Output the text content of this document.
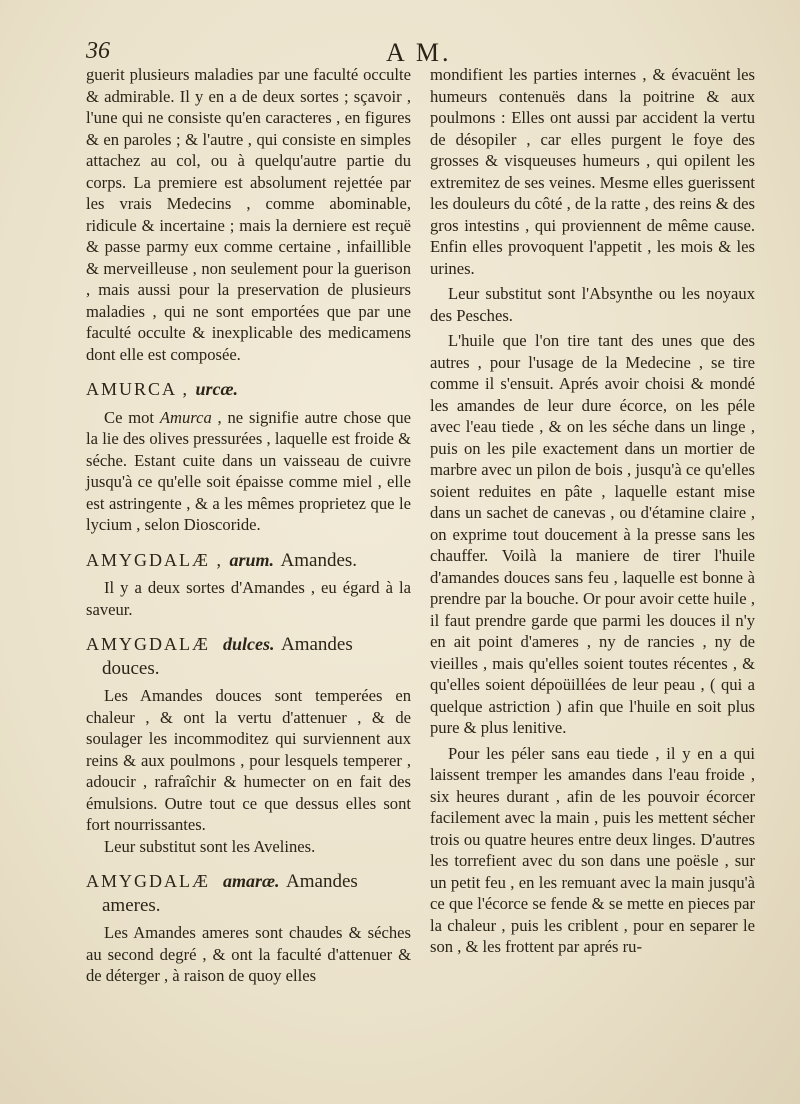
36	A M.

guerit plusieurs maladies par une faculté occulte & admirable. Il y en a de deux sortes ; sçavoir , l'une qui ne consiste qu'en caracteres , en figures & en paroles ; & l'autre , qui consiste en simples attachez au col, ou à quelqu'autre partie du corps. La premiere est absolument rejettée par les vrais Medecins , comme abominable, ridicule & incertaine ; mais la derniere est reçuë & passe parmy eux comme certaine , infaillible & merveilleuse , non seulement pour la guerison , mais aussi pour la preservation de plusieurs maladies , qui ne sont emportées que par une faculté occulte & inexplicable des medicamens dont elle est composée.

AMURCA , urcæ.

Ce mot Amurca , ne signifie autre chose que la lie des olives pressurées , laquelle est froide & séche. Estant cuite dans un vaisseau de cuivre jusqu'à ce qu'elle soit épaisse comme miel , elle est astringente , & a les mêmes proprietez que le lycium , selon Dioscoride.

AMYGDALÆ , arum. Amandes.

Il y a deux sortes d'Amandes , eu égard à la saveur.

AMYGDALÆ dulces. Amandes
douces.

Les Amandes douces sont temperées en chaleur , & ont la vertu d'attenuer , & de soulager les incommoditez qui surviennent aux reins & aux poulmons , pour lesquels temperer , adoucir , rafraîchir & humecter on en fait des émulsions. Outre tout ce que dessus elles sont fort nourrissantes.

Leur substitut sont les Avelines.

AMYGDALÆ amaræ. Amandes
ameres.

Les Amandes ameres sont chaudes & séches au second degré , & ont la faculté d'attenuer & de déterger , à raison de quoy elles

mondifient les parties internes , & évacuënt les humeurs contenuës dans la poitrine & aux poulmons : Elles ont aussi par accident la vertu de désopiler , car elles purgent le foye des grosses & visqueuses humeurs , qui opilent les extremitez de ses veines. Mesme elles guerissent les douleurs du côté , de la ratte , des reins & des gros intestins , qui proviennent de même cause. Enfin elles provoquent l'appetit , les mois & les urines.

Leur substitut sont l'Absynthe ou les noyaux des Pesches.

L'huile que l'on tire tant des unes que des autres , pour l'usage de la Medecine , se tire comme il s'ensuit. Aprés avoir choisi & mondé les amandes de leur dure écorce, on les péle avec l'eau tiede , & on les séche dans un linge , puis on les pile exactement dans un mortier de marbre avec un pilon de bois , jusqu'à ce qu'elles soient reduites en pâte , laquelle estant mise dans un sachet de canevas , ou d'étamine claire , on exprime tout doucement à la presse sans les chauffer. Voilà la maniere de tirer l'huile d'amandes douces sans feu , laquelle est bonne à prendre par la bouche. Or pour avoir cette huile , il faut prendre garde que parmi les douces il n'y en ait point d'ameres , ny de rancies , ny de vieilles , mais qu'elles soient toutes récentes , & qu'elles soient dépoüillées de leur peau , ( qui a quelque astriction ) afin que l'huile en soit plus pure & plus lenitive.

Pour les péler sans eau tiede , il y en a qui laissent tremper les amandes dans l'eau froide , six heures durant , afin de les pouvoir écorcer facilement avec la main , puis les mettent sécher trois ou quatre heures entre deux linges. D'autres les torrefient avec du son dans une poësle , sur un petit feu , en les remuant avec la main jusqu'à ce que l'écorce se fende & se mette en pieces par la chaleur , puis les criblent , pour en separer le son , & les frottent par aprés ru-
